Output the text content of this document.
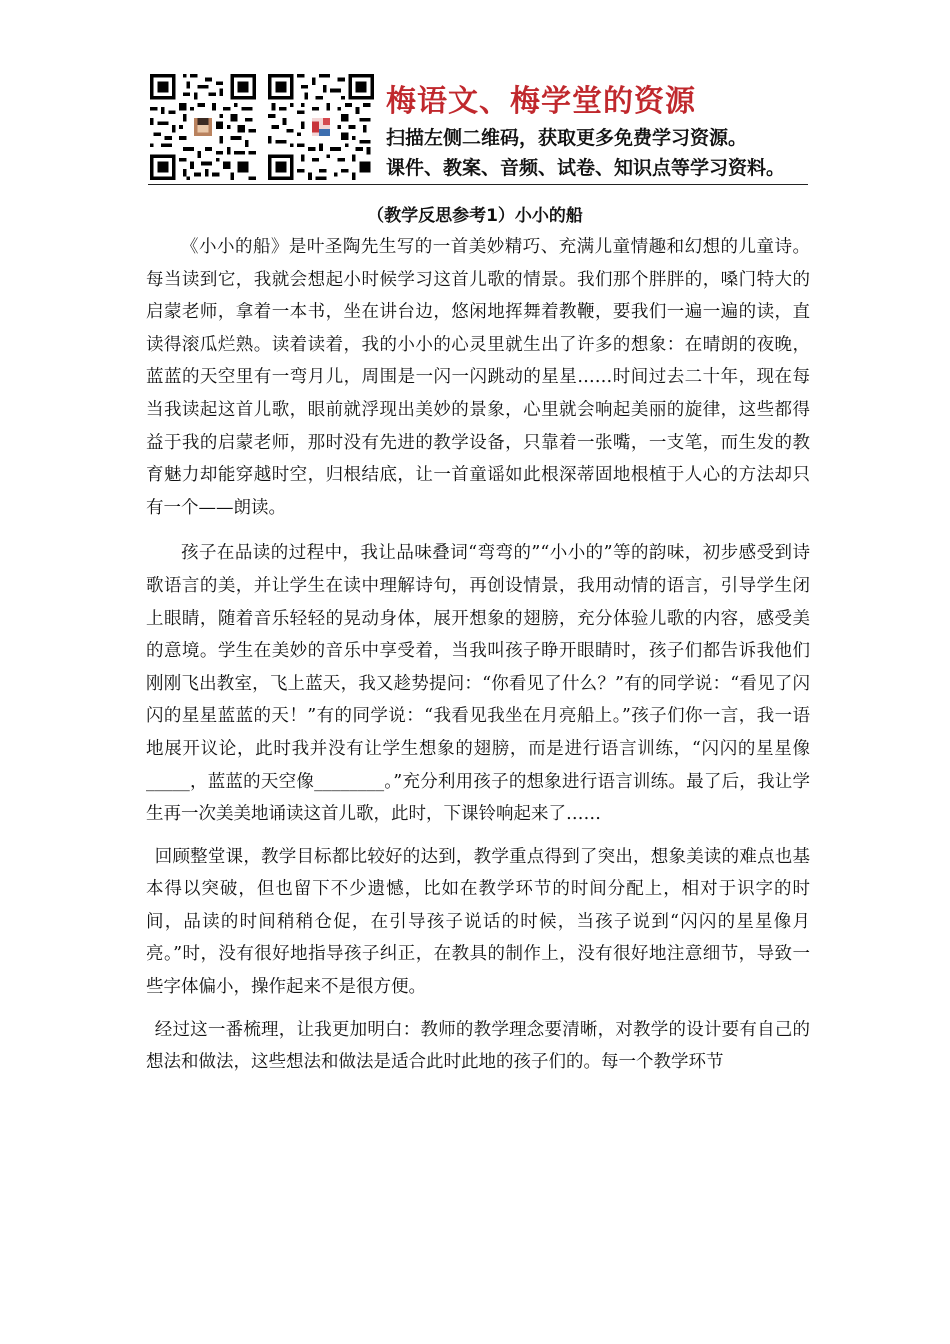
梅语文、梅学堂的资源
扫描左侧二维码，获取更多免费学习资源。
课件、教案、音频、试卷、知识点等学习资料。
（教学反思参考1）小小的船

《小小的船》是叶圣陶先生写的一首美妙精巧、充满儿童情趣和幻想的儿童诗。每当读到它，我就会想起小时候学习这首儿歌的情景。我们那个胖胖的，嗓门特大的启蒙老师，拿着一本书，坐在讲台边，悠闲地挥舞着教鞭，要我们一遍一遍的读，直读得滚瓜烂熟。读着读着，我的小小的心灵里就生出了许多的想象：在晴朗的夜晚，蓝蓝的天空里有一弯月儿，周围是一闪一闪跳动的星星……时间过去二十年，现在每当我读起这首儿歌，眼前就浮现出美妙的景象，心里就会响起美丽的旋律，这些都得益于我的启蒙老师，那时没有先进的教学设备，只靠着一张嘴，一支笔，而生发的教育魅力却能穿越时空，归根结底，让一首童谣如此根深蒂固地根植于人心的方法却只有一个——朗读。

孩子在品读的过程中，我让品味叠词“弯弯的”“小小的”等的韵味，初步感受到诗歌语言的美，并让学生在读中理解诗句，再创设情景，我用动情的语言，引导学生闭上眼睛，随着音乐轻轻的晃动身体，展开想象的翅膀，充分体验儿歌的内容，感受美的意境。学生在美妙的音乐中享受着，当我叫孩子睁开眼睛时，孩子们都告诉我他们刚刚飞出教室，飞上蓝天，我又趁势提问：“你看见了什么？”有的同学说：“看见了闪闪的星星蓝蓝的天！”有的同学说：“我看见我坐在月亮船上。”孩子们你一言，我一语地展开议论，此时我并没有让学生想象的翅膀，而是进行语言训练，“闪闪的星星像_____，蓝蓝的天空像________。”充分利用孩子的想象进行语言训练。最了后，我让学生再一次美美地诵读这首儿歌，此时，下课铃响起来了……

回顾整堂课，教学目标都比较好的达到，教学重点得到了突出，想象美读的难点也基本得以突破，但也留下不少遗憾，比如在教学环节的时间分配上，相对于识字的时间，品读的时间稍稍仓促，在引导孩子说话的时候，当孩子说到“闪闪的星星像月亮。”时，没有很好地指导孩子纠正，在教具的制作上，没有很好地注意细节，导致一些字体偏小，操作起来不是很方便。

经过这一番梳理，让我更加明白：教师的教学理念要清晰，对教学的设计要有自己的想法和做法，这些想法和做法是适合此时此地的孩子们的。每一个教学环节
